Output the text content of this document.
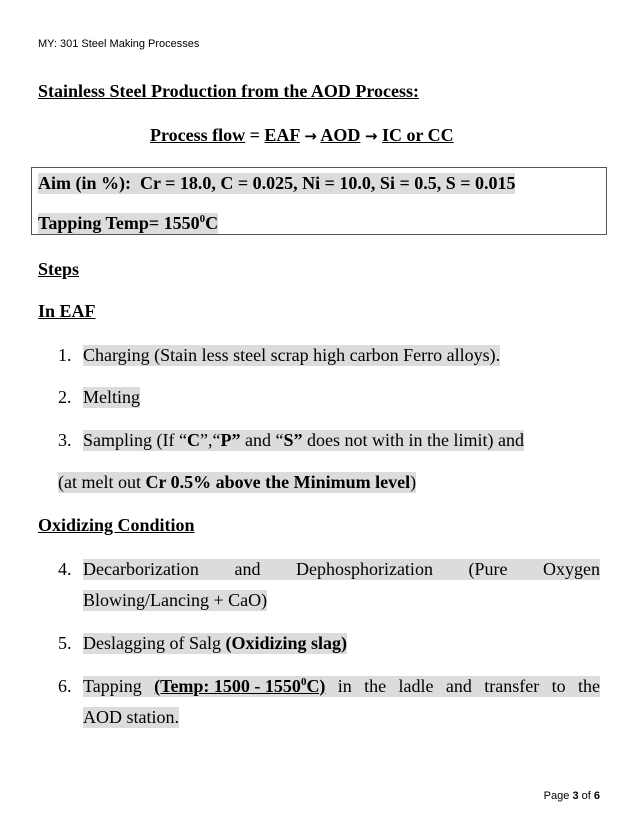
MY: 301 Steel Making Processes
Stainless Steel Production from the AOD Process:
Process flow = EAF → AOD → IC or CC
Aim (in %): Cr = 18.0, C = 0.025, Ni = 10.0, Si = 0.5, S = 0.015
Tapping Temp= $1550^0C$
Steps
In EAF
1. Charging (Stain less steel scrap high carbon Ferro alloys).
2. Melting
3. Sampling (If “C”,“P” and “S” does not with in the limit) and
(at melt out Cr 0.5% above the Minimum level)
Oxidizing Condition
4. Decarborization and Dephosphorization (Pure Oxygen
Blowing/Lancing + CaO)
5. Deslagging of Salg (Oxidizing slag)
6. Tapping (Temp: 1500 - 1550$^0$C) in the ladle and transfer to the
AOD station.
Page 3 of 6
